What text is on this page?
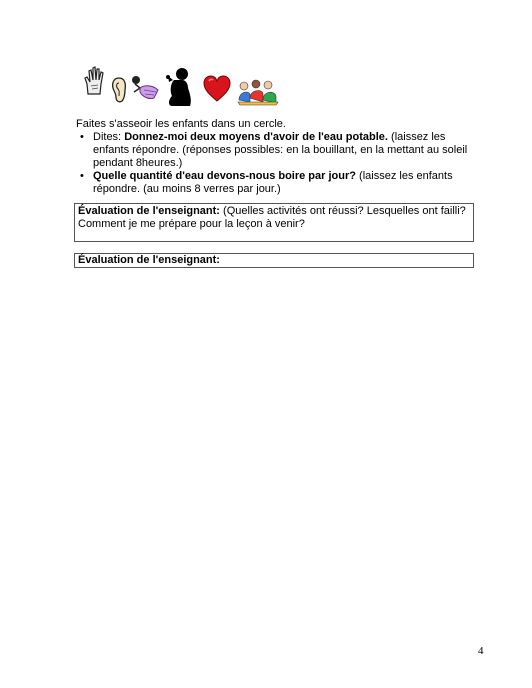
Faites s'asseoir les enfants dans un cercle.

• Dites: Donnez-moi deux moyens d'avoir de l'eau potable. (laissez les enfants répondre. (réponses possibles: en la bouillant, en la mettant au soleil pendant 8heures.)
• Quelle quantité d'eau devons-nous boire par jour? (laissez les enfants répondre. (au moins 8 verres par jour.)
Évaluation de l'enseignant: (Quelles activités ont réussi? Lesquelles ont failli? Comment je me prépare pour la leçon à venir?
Évaluation de l'enseignant:
4
